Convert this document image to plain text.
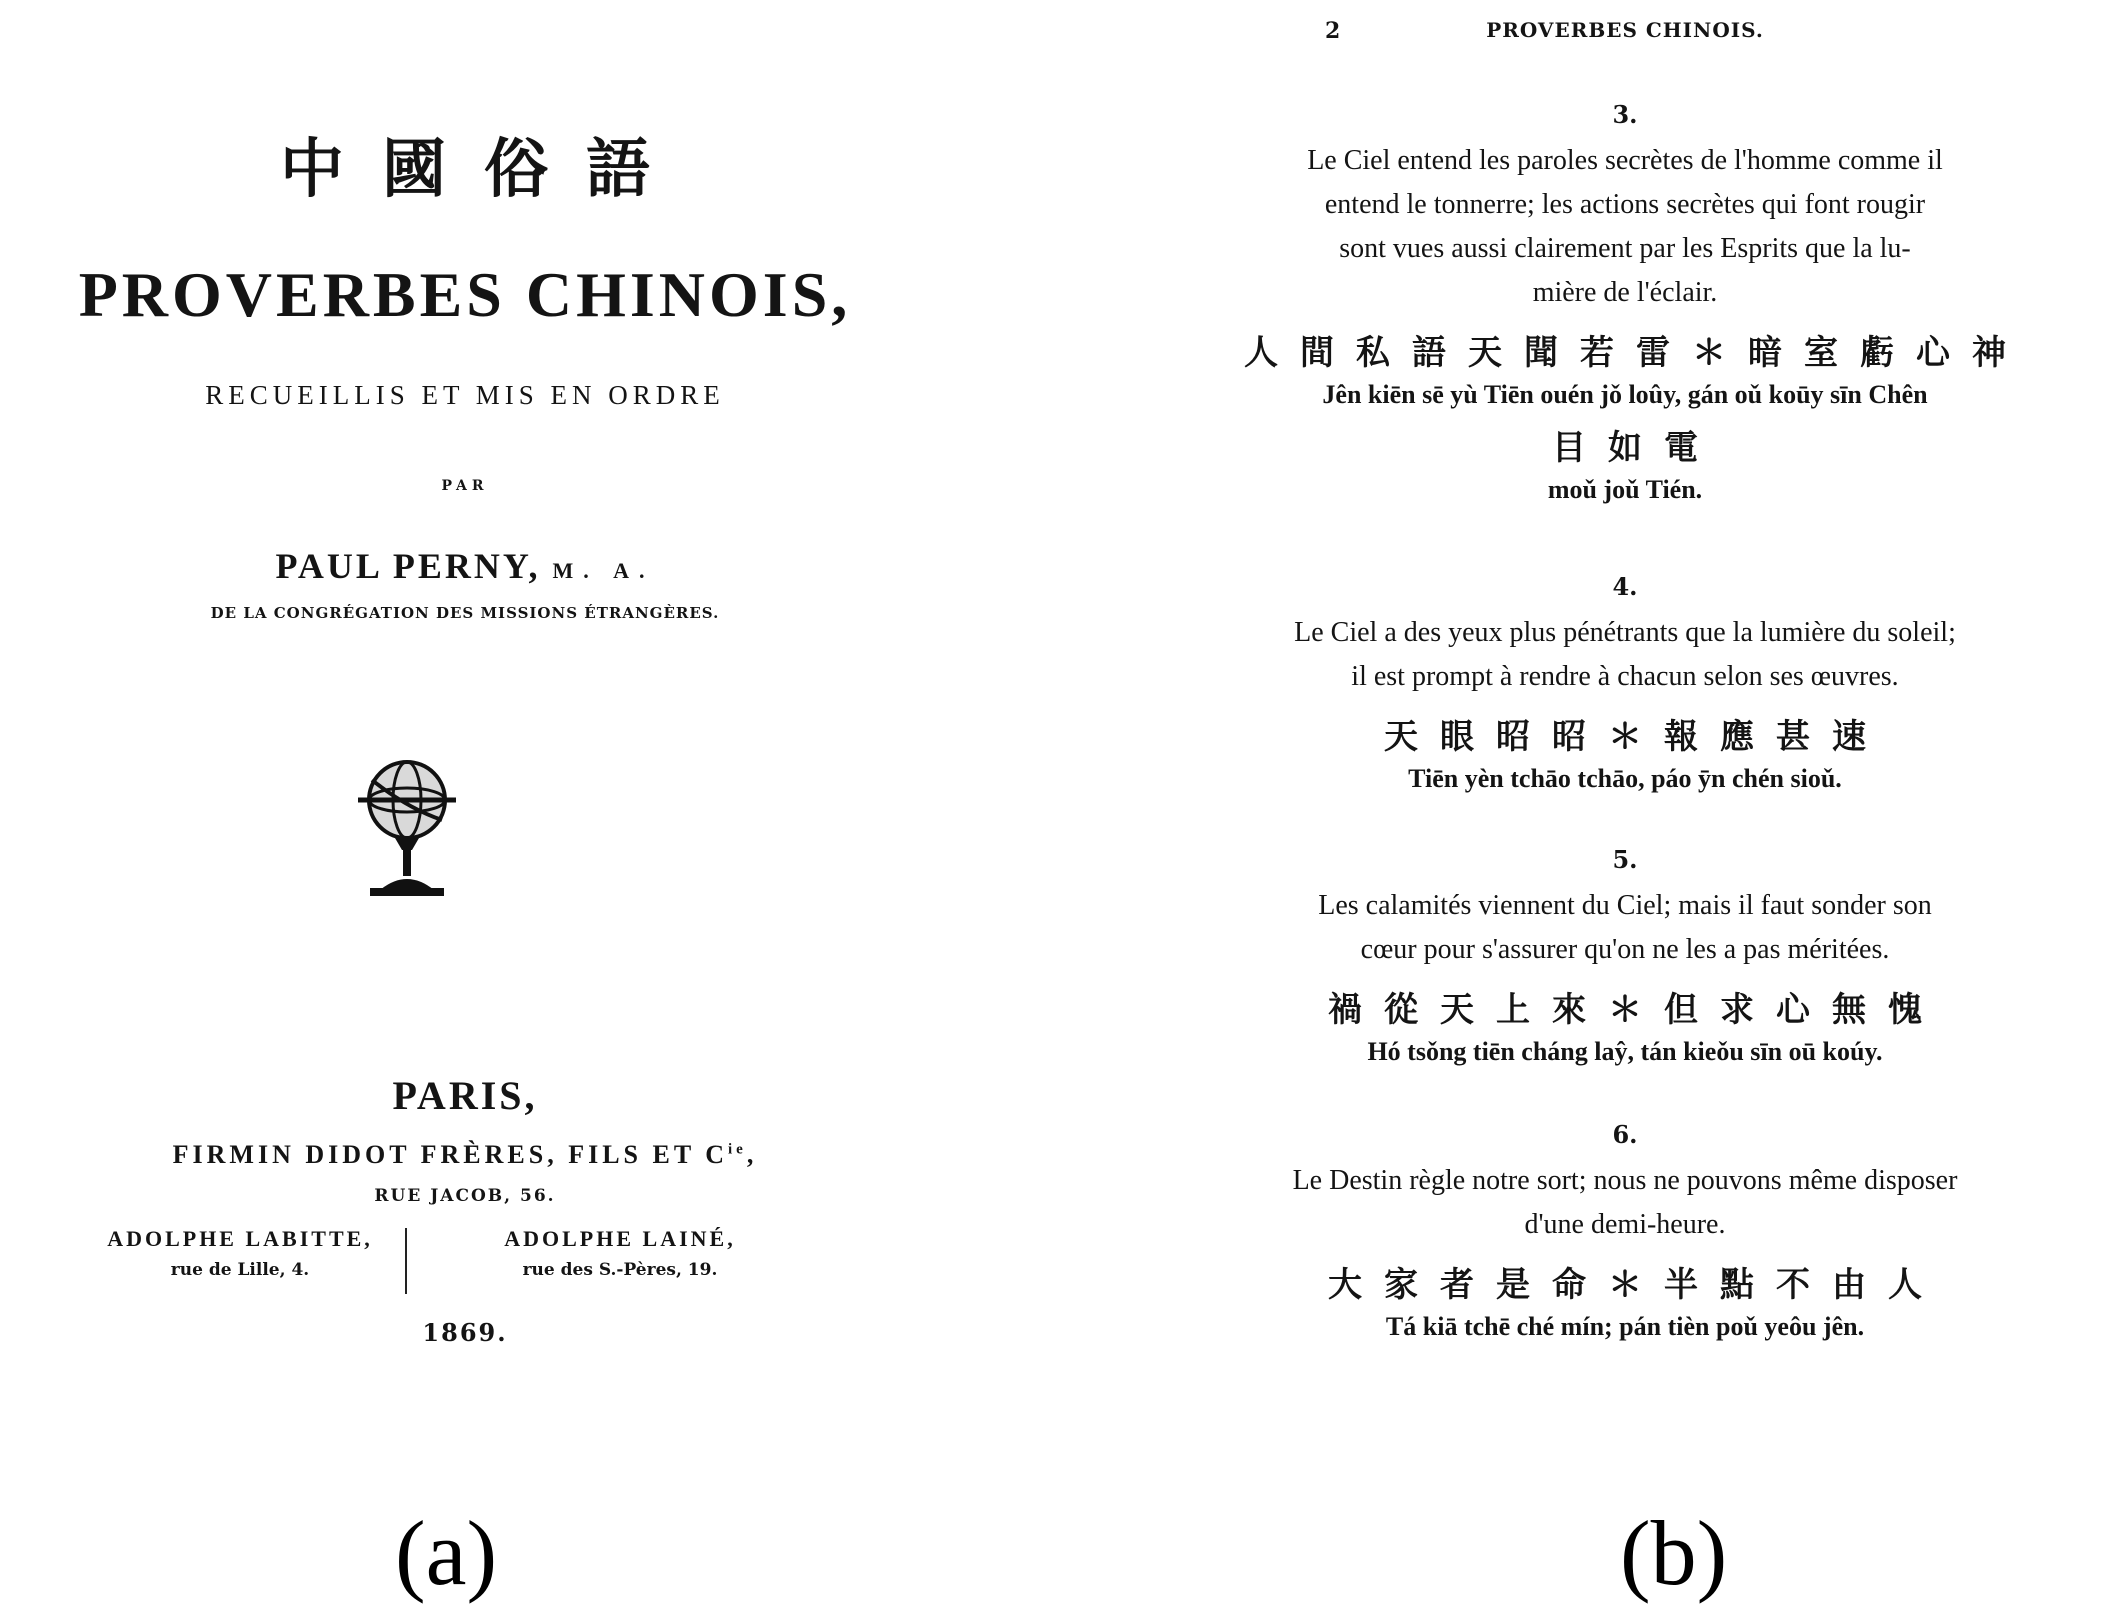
中國俗語
PROVERBES CHINOIS,
RECUEILLIS ET MIS EN ORDRE
PAR
PAUL PERNY, M. A.
DE LA CONGRÉGATION DES MISSIONS ÉTRANGÈRES.
PARIS,
FIRMIN DIDOT FRÈRES, FILS ET $C^{ie}$,
RUE JACOB, 56.
ADOLPHE LABITTE,
rue de Lille, 4.
ADOLPHE LAINÉ,
rue des S.-Pères, 19.
1869.
(a)
2	PROVERBES CHINOIS.
3.
Le Ciel entend les paroles secrètes de l'homme comme il
entend le tonnerre; les actions secrètes qui font rougir
sont vues aussi clairement par les Esprits que la lu-
mière de l'éclair.
人間私語天聞若雷＊暗室虧心神
Jên kiēn sē yù Tiēn ouén jǒ loûy, gán oǔ koūy sīn Chên
目如電
moǔ joǔ Tién.
4.
Le Ciel a des yeux plus pénétrants que la lumière du soleil;
il est prompt à rendre à chacun selon ses œuvres.
天眼昭昭＊報應甚速
Tiēn yèn tchāo tchāo, páo ȳn chén sioǔ.
5.
Les calamités viennent du Ciel; mais il faut sonder son
cœur pour s'assurer qu'on ne les a pas méritées.
禍從天上來＊但求心無愧
Hó tsǒng tiēn cháng laŷ, tán kieǒu sīn oū koúy.
6.
Le Destin règle notre sort; nous ne pouvons même disposer
d'une demi-heure.
大家者是命＊半點不由人
Tá kiā tchē ché mín; pán tièn poǔ yeôu jên.
(b)
